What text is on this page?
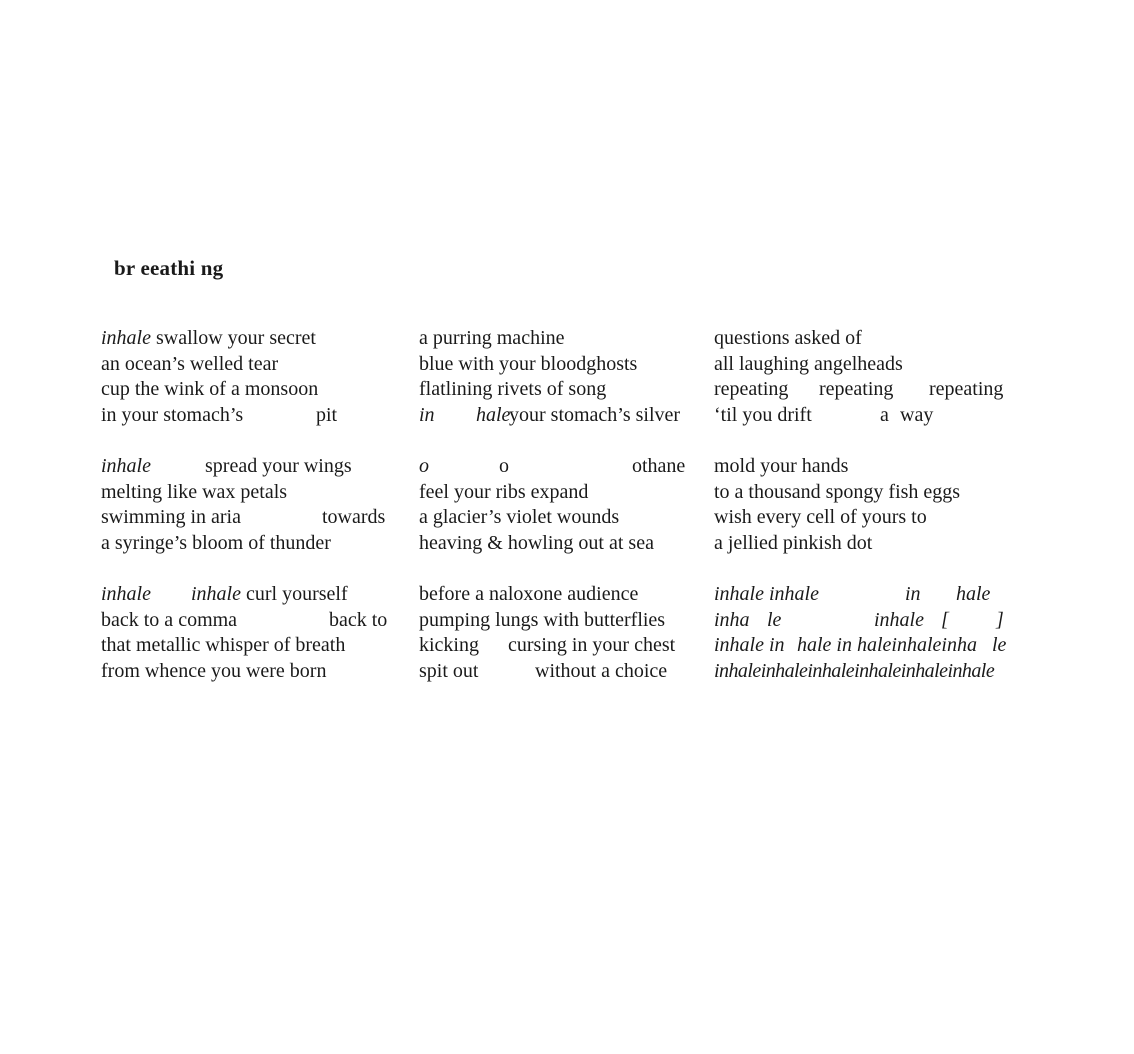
br eeathi ng

inhale

swallow your secret

an ocean’s welled tear
cup the wink of a monsoon

in your stomach’s

	pit

inhale

	spread your wings

melting like wax petals

swimming in aria

	towards

a syringe’s bloom of thunder

inhale

inhale

curl yourself

back to a comma

	back to

that metallic whisper of breath
from whence you were born
a purring machine
blue with your bloodghosts
flatlining rivets of song

in

hale

your stomach’s silver

o

	o

	othane

feel your ribs expand
a glacier’s violet wounds
heaving & howling out at sea
before a naloxone audience
pumping lungs with butterflies

kicking

cursing in your chest

spit out

	without a choice

questions asked of
all laughing angelheads

repeating

repeating

repeating

‘til you drift

	a

way

mold your hands
to a thousand spongy fish eggs
wish every cell of yours to
a jellied pinkish dot

inhale inhale

	in

hale

inha

le

	inhale

[

]

inhale in

hale in haleinhaleinha

le

inhaleinhaleinhaleinhaleinhaleinhale
